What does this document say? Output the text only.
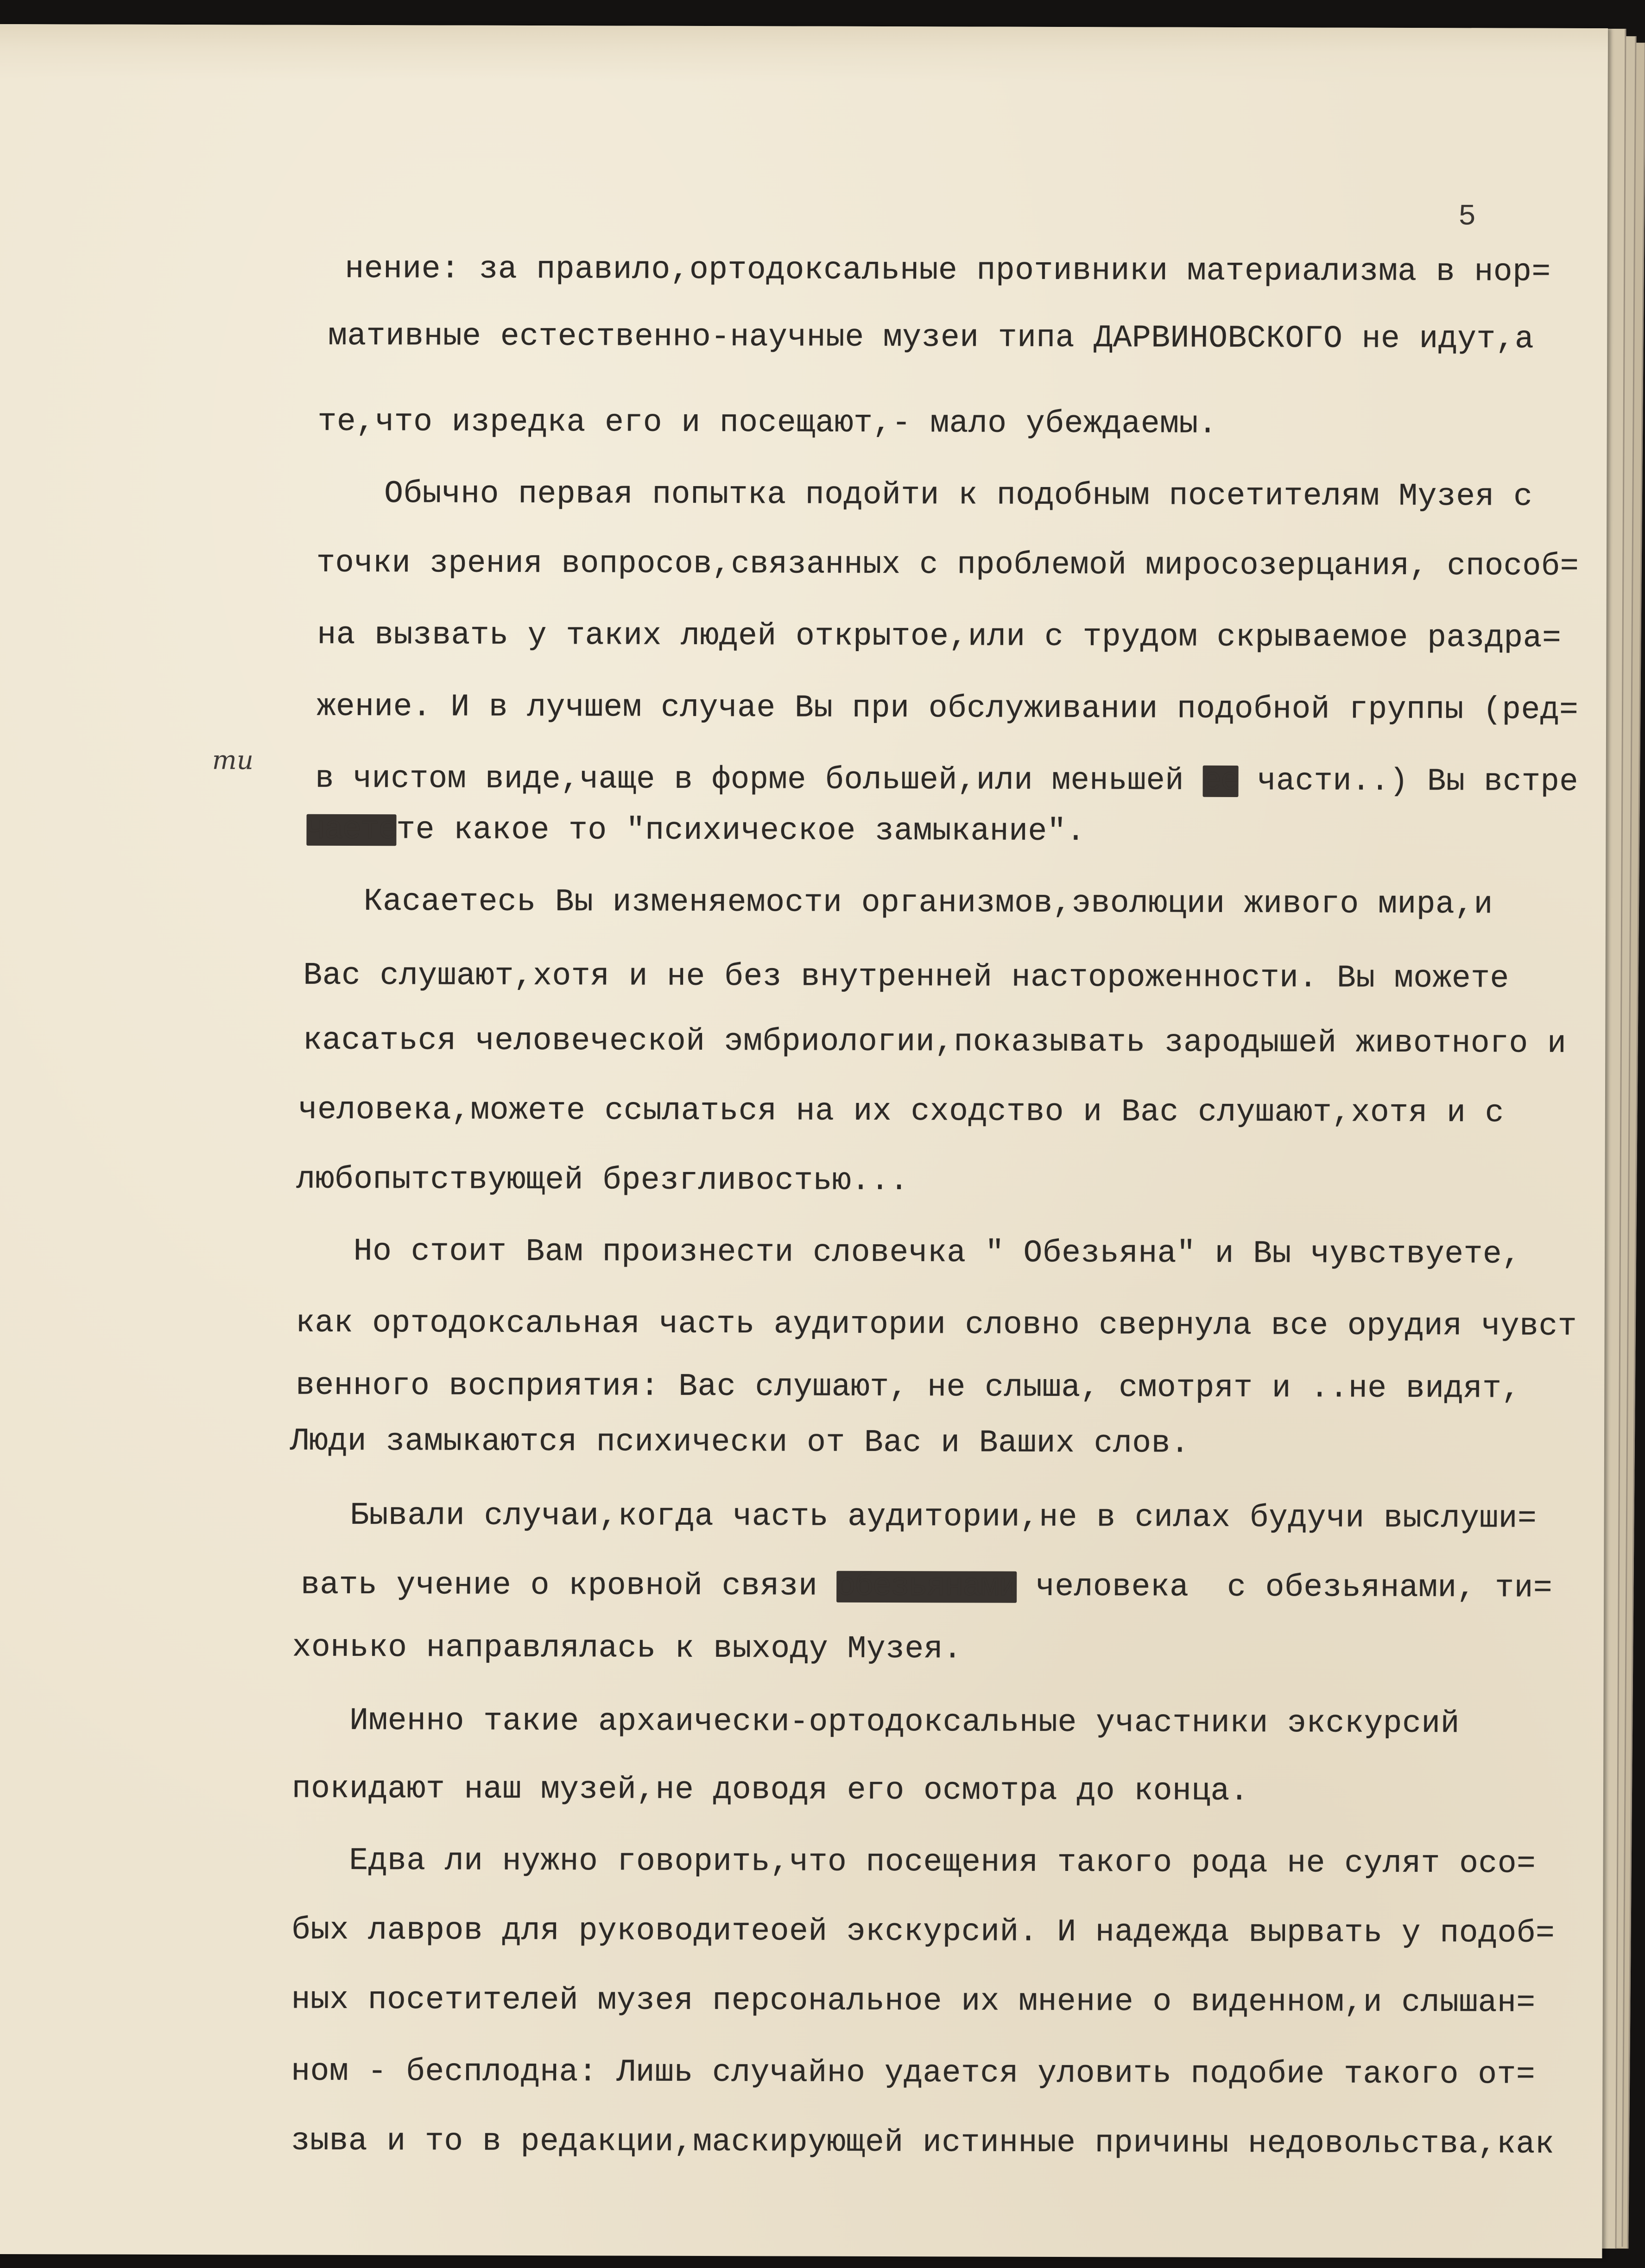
5

ти

нение: за правило,ортодоксальные противники материализма в нор=

мативные естественно-научные музеи типа ДАРВИНОВСКОГО не идут,а

те,что изредка его и посещают,- мало убеждаемы.

Обычно первая попытка подойти к подобным посетителям Музея с

точки зрения вопросов,связанных с проблемой миросозерцания, способ=

на вызвать у таких людей открытое,или с трудом скрываемое раздра=

жение. И в лучшем случае Вы при обслуживании подобной группы (ред=

в чистом виде,чаще в форме большей,или меньшей ее части..) Вы встре

чаетете какое то "психическое замыкание".

Касаетесь Вы изменяемости организмов,эволюции живого мира,и

Вас слушают,хотя и не без внутренней настороженности. Вы можете

касаться человеческой эмбриологии,показывать зародышей животного и

человека,можете ссылаться на их сходство и Вас слушают,хотя и с

любопытствующей брезгливостью...

Но стоит Вам произнести словечка " Обезьяна" и Вы чувствуете,

как ортодоксальная часть аудитории словно свернула все орудия чувст

венного восприятия: Вас слушают, не слыша, смотрят и ..не видят,

Люди замыкаются психически от Вас и Ваших слов.

Бывали случаи,когда часть аудитории,не в силах будучи выслуши=

вать учение о кровной связи обезьянами человека  с обезьянами, ти=

хонько направлялась к выходу Музея.

Именно такие архаически-ортодоксальные участники экскурсий

покидают наш музей,не доводя его осмотра до конца.

Едва ли нужно говорить,что посещения такого рода не сулят осо=

бых лавров для руководитеоей экскурсий. И надежда вырвать у подоб=

ных посетителей музея персональное их мнение о виденном,и слышан=

ном - бесплодна: Лишь случайно удается уловить подобие такого от=

зыва и то в редакции,маскирующей истинные причины недовольства,как
